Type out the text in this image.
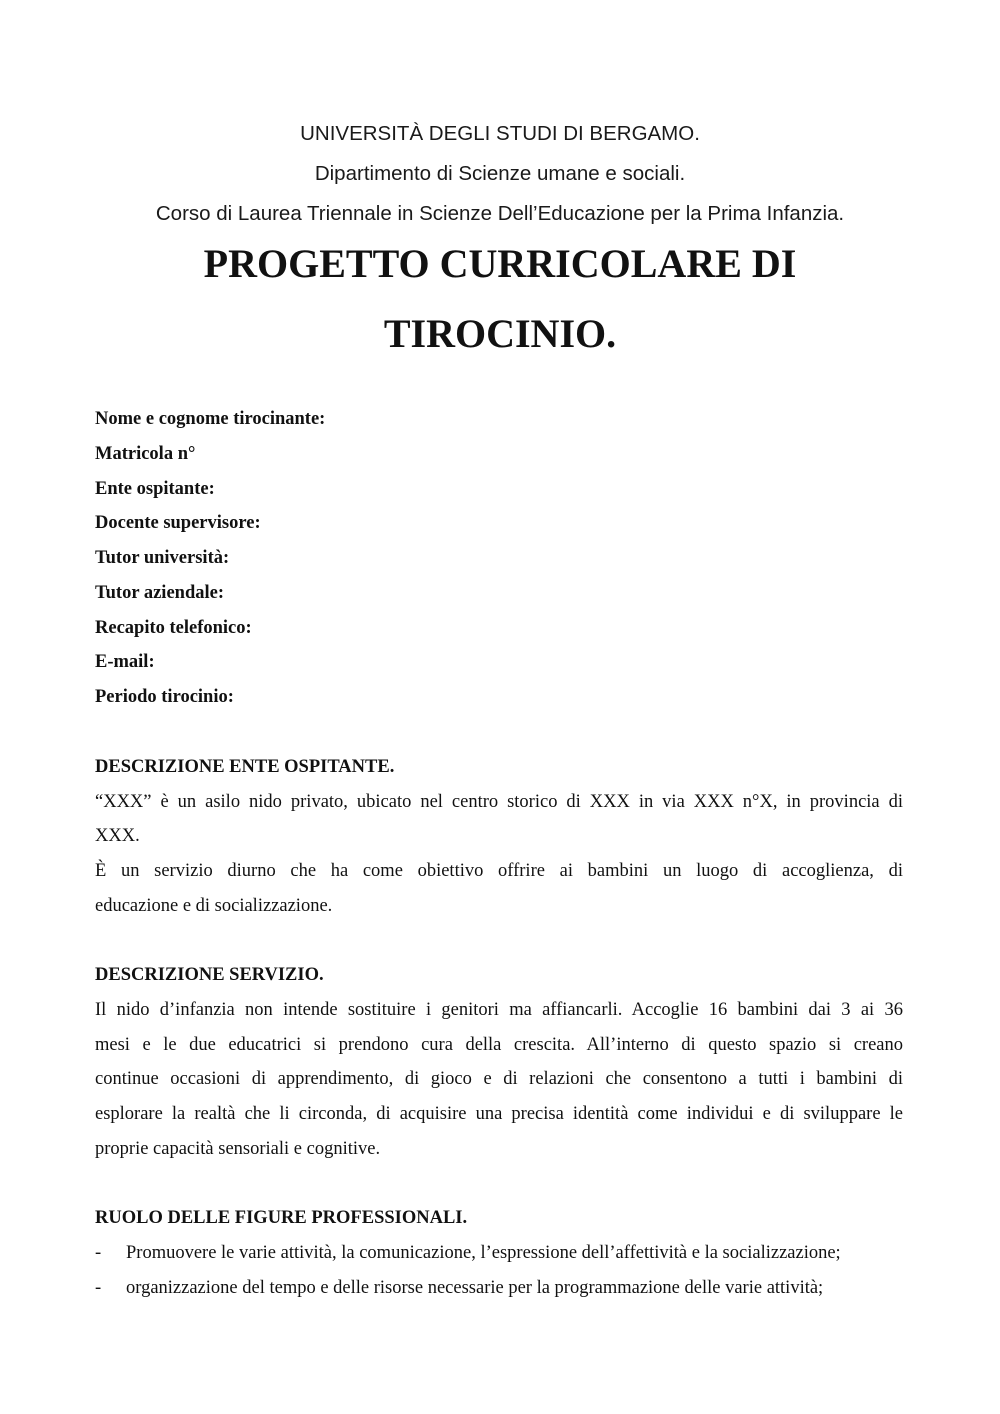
UNIVERSITÀ DEGLI STUDI DI BERGAMO.
Dipartimento di Scienze umane e sociali.
Corso di Laurea Triennale in Scienze Dell’Educazione per la Prima Infanzia.
PROGETTO CURRICOLARE DI
TIROCINIO.
Nome e cognome tirocinante:
Matricola n°
Ente ospitante:
Docente supervisore:
Tutor università:
Tutor aziendale:
Recapito telefonico:
E-mail:
Periodo tirocinio:
DESCRIZIONE ENTE OSPITANTE.
“XXX” è un asilo nido privato, ubicato nel centro storico di XXX in via XXX n°X, in provincia di
XXX.
È un servizio diurno che ha come obiettivo offrire ai bambini un luogo di accoglienza, di
educazione e di socializzazione.
DESCRIZIONE SERVIZIO.
Il nido d’infanzia non intende sostituire i genitori ma affiancarli. Accoglie 16 bambini dai 3 ai 36
mesi e le due educatrici si prendono cura della crescita. All’interno di questo spazio si creano
continue occasioni di apprendimento, di gioco e di relazioni che consentono a tutti i bambini di
esplorare la realtà che li circonda, di acquisire una precisa identità come individui e di sviluppare le
proprie capacità sensoriali e cognitive.
RUOLO DELLE FIGURE PROFESSIONALI.
- Promuovere le varie attività, la comunicazione, l’espressione dell’affettività e la socializzazione;
- organizzazione del tempo e delle risorse necessarie per la programmazione delle varie attività;
